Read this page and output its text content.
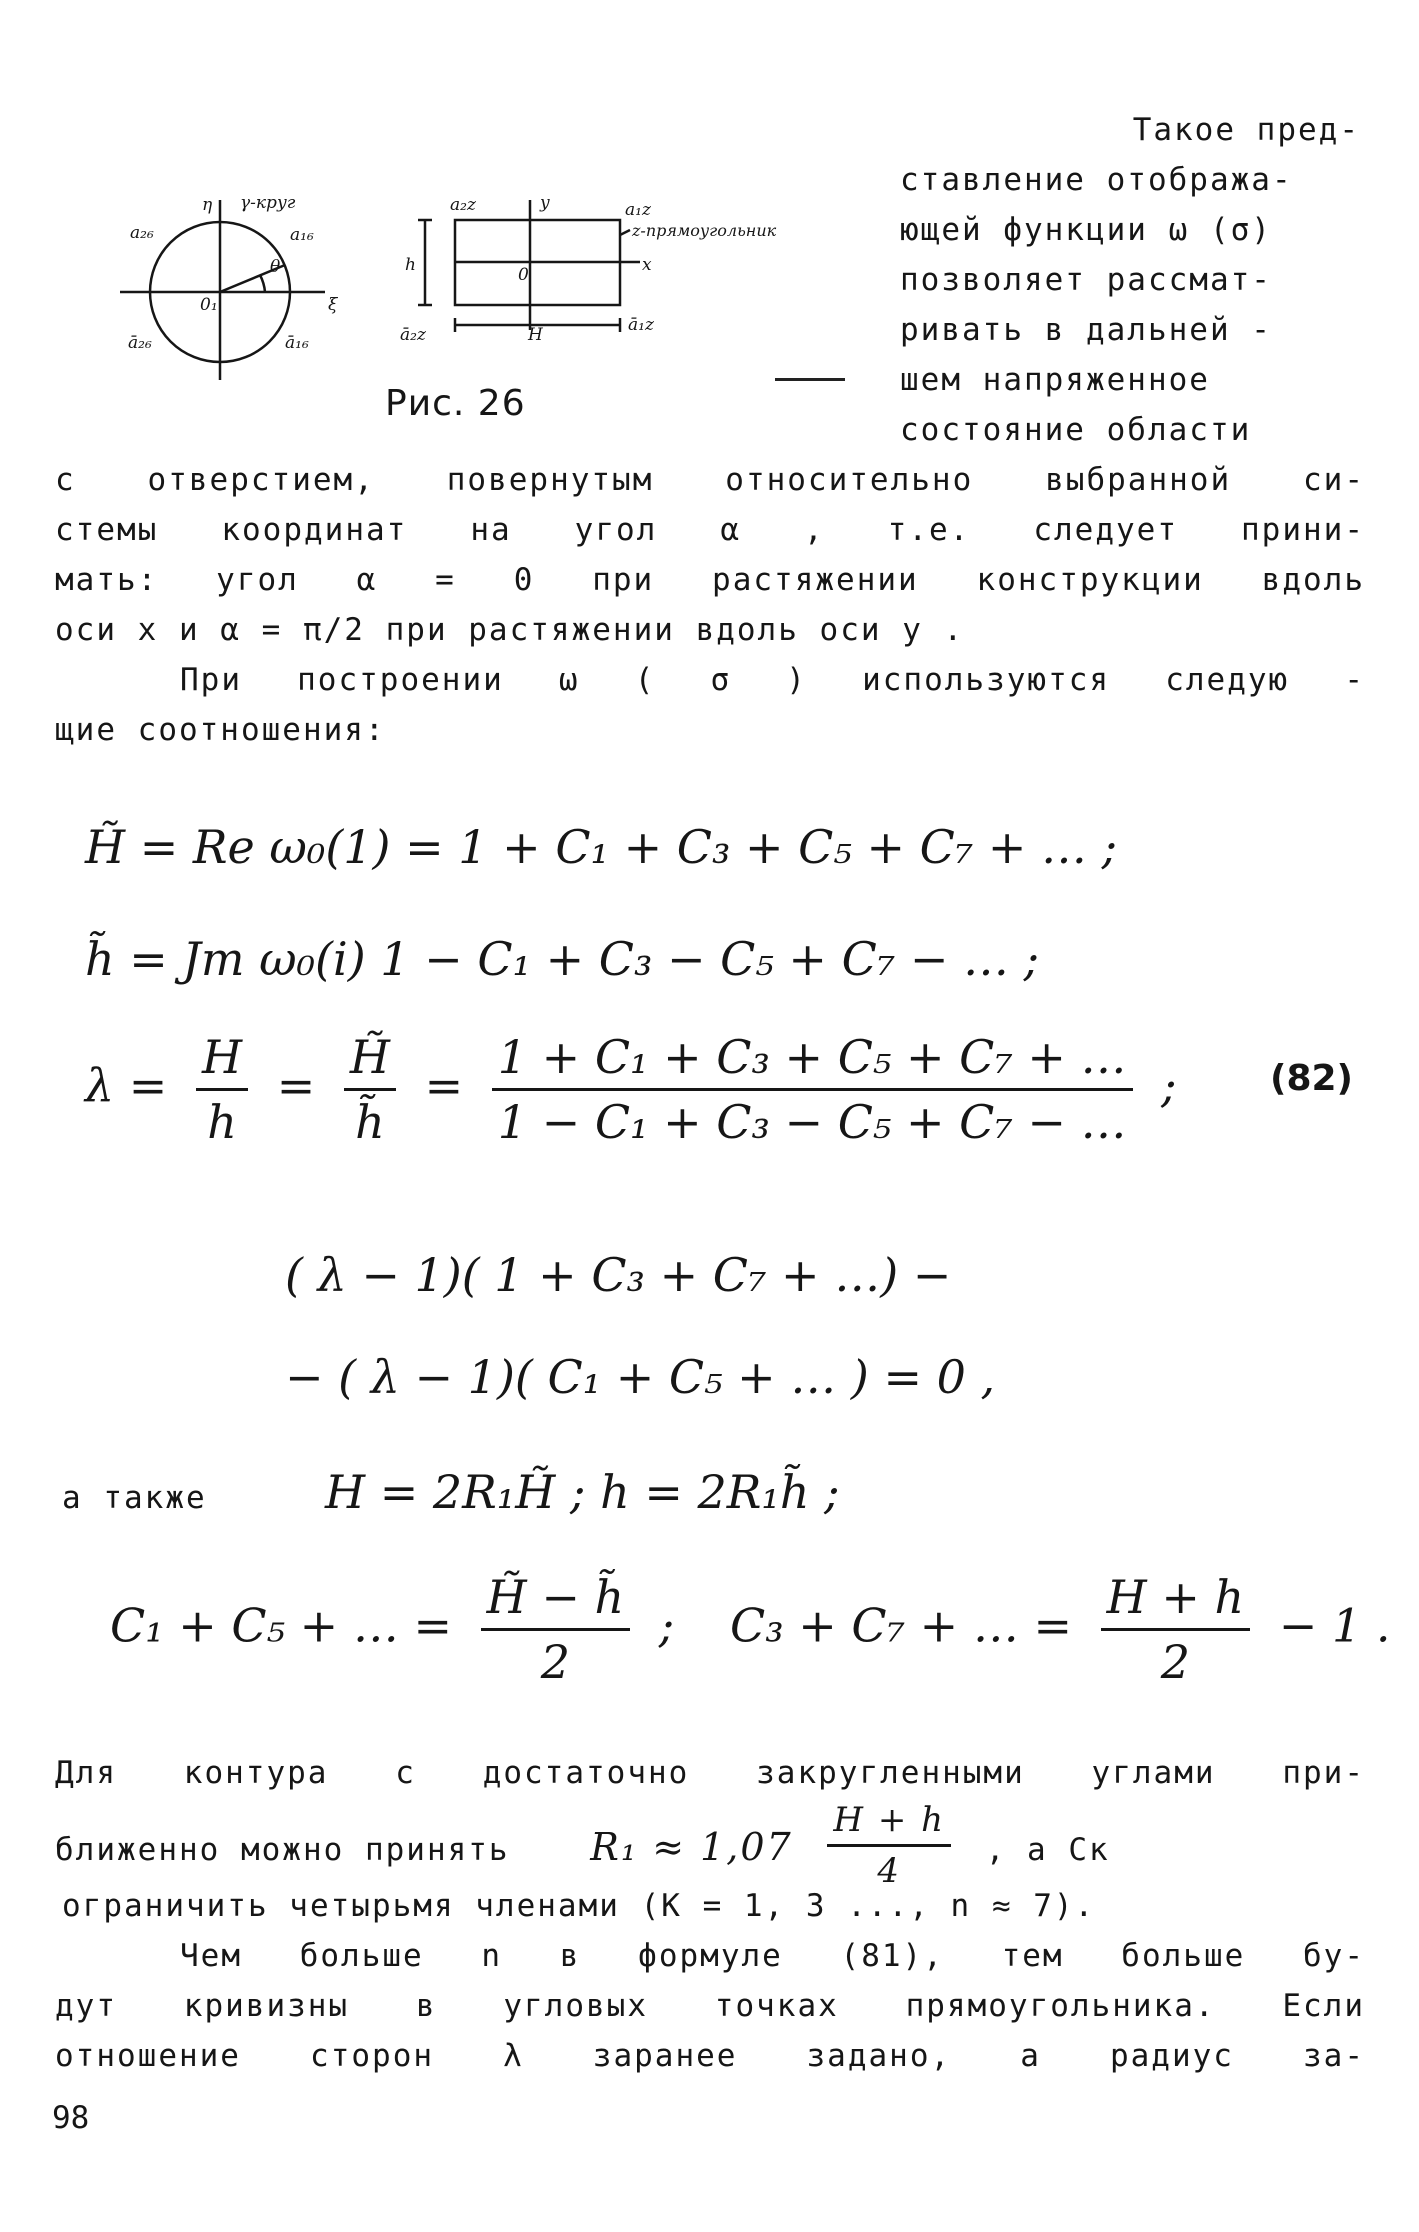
η γ-круг
a₂₆	a₁₆
θ
0₁	ξ
ā₂₆	ā₁₆
a₂z	y	a₁z
z-прямоугольник
h	0	x
ā₂z	H	ā₁z
Рис. 26
Такое пред-
ставление отобража-
ющей функции ω (σ)
позволяет рассмат-
ривать в дальней -
шем напряженное
состояние области
с отверстием, повернутым относительно выбранной си-
стемы координат на угол α , т.е. следует прини-
мать: угол α = 0 при растяжении конструкции вдоль
оси x и α = π/2 при растяжении вдоль оси y .
При построении ω ( σ ) используются следую -
щие соотношения:
H̃ = Re ω₀(1) = 1 + C₁ + C₃ + C₅ + C₇ + … ;
h̃ = Jm ω₀(i) 1 − C₁ + C₃ − C₅ + C₇ − … ;
$\lambda = \frac{H}{h} = \frac{H̃}{h̃} = \frac{\text{1 + C₁ + C₃ + C₅ + C₇ + …}}{\text{1 − C₁ + C₃ − C₅ + C₇ − …}}$ ;	(82)
( λ − 1)( 1 + C₃ + C₇ + …) −
− ( λ − 1)( C₁ + C₅ + … ) = 0 ,
а также	H = 2R₁H̃ ; h = 2R₁h̃ ;
C₁ + C₅ + … = $\frac{H̃ - h̃}{2}$ ; C₃ + C₇ + … = $\frac{H + h}{2} - 1$ .
Для контура с достаточно закругленными углами при-
ближенно можно принять $R_1 \approx 1,07 \frac{H + h}{4}$ , а Cк
ограничить четырьмя членами (K = 1, 3 ..., n ≈ 7).
Чем больше n в формуле (81), тем больше бу-
дут кривизны в угловых точках прямоугольника. Если
отношение сторон λ заранее задано, а радиус за-
98
